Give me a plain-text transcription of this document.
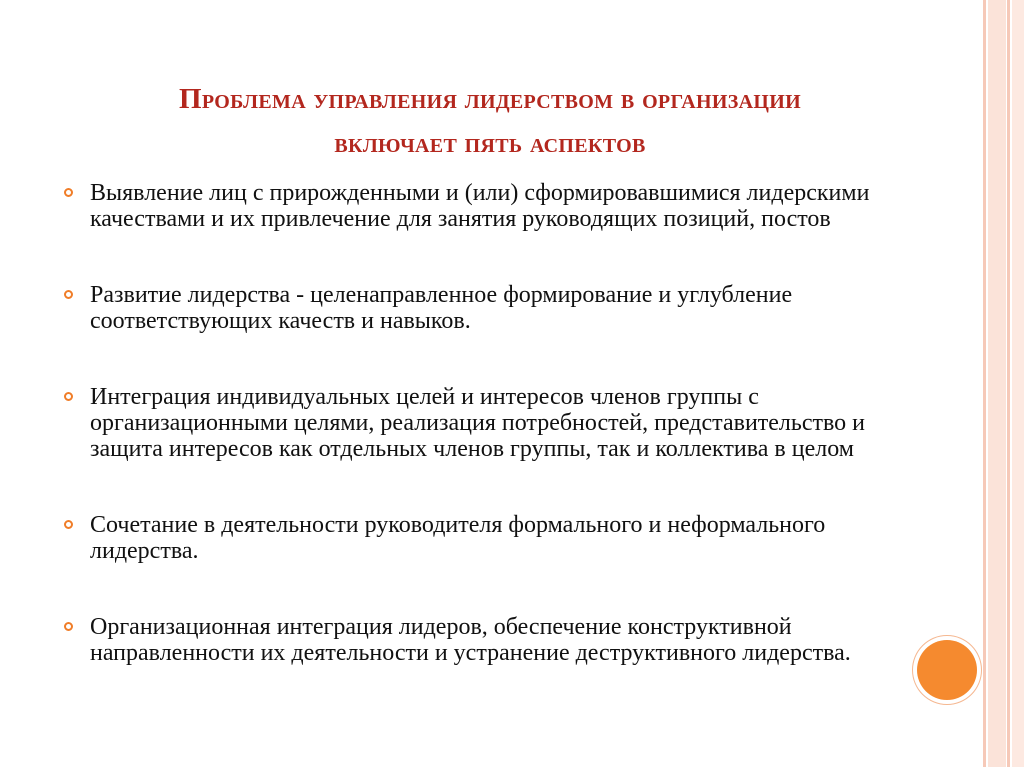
Проблема управления лидерством в организации
включает пять аспектов
Выявление лиц с прирожденными и (или) сформировавшимися лидерскими качествами и их привлечение для занятия руководящих позиций, постов
Развитие лидерства - целенаправленное формирование и углубление соответствующих качеств и навыков.
Интеграция индивидуальных целей и интересов членов группы с организационными целями, реализация потребностей, представительство и защита интересов как отдельных членов группы, так и коллектива в целом
Сочетание в деятельности руководителя формального и неформального лидерства.
Организационная интеграция лидеров, обеспечение конструктивной направленности их деятельности и устранение деструктивного лидерства.
